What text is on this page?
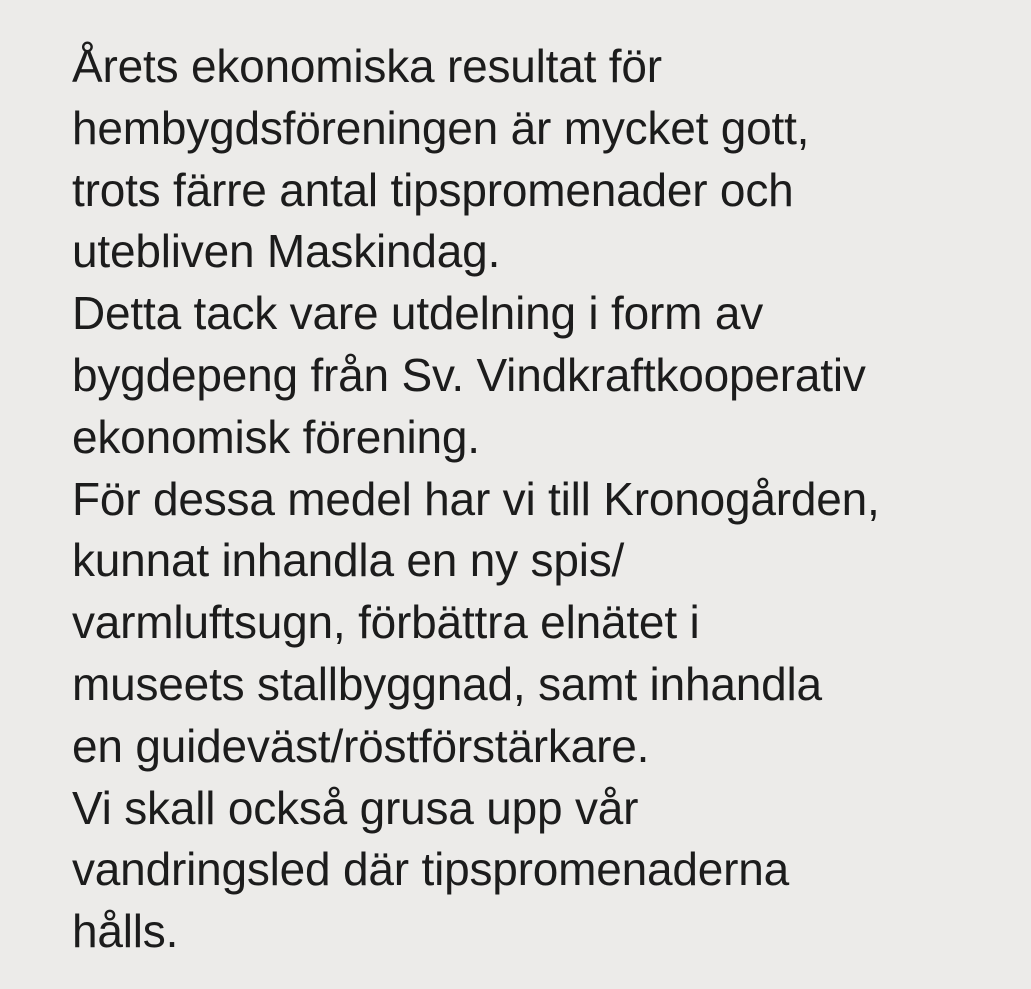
Årets ekonomiska resultat för
hembygdsföreningen är mycket gott,
trots färre antal tipspromenader och
utebliven Maskindag.
Detta tack vare utdelning i form av
bygdepeng från Sv. Vindkraftkooperativ
ekonomisk förening.
För dessa medel har vi till Kronogården,
kunnat inhandla en ny spis/
varmluftsugn, förbättra elnätet i
museets stallbyggnad, samt inhandla
en guideväst/röstförstärkare.
Vi skall också grusa upp vår
vandringsled där tipspromenaderna
hålls.
